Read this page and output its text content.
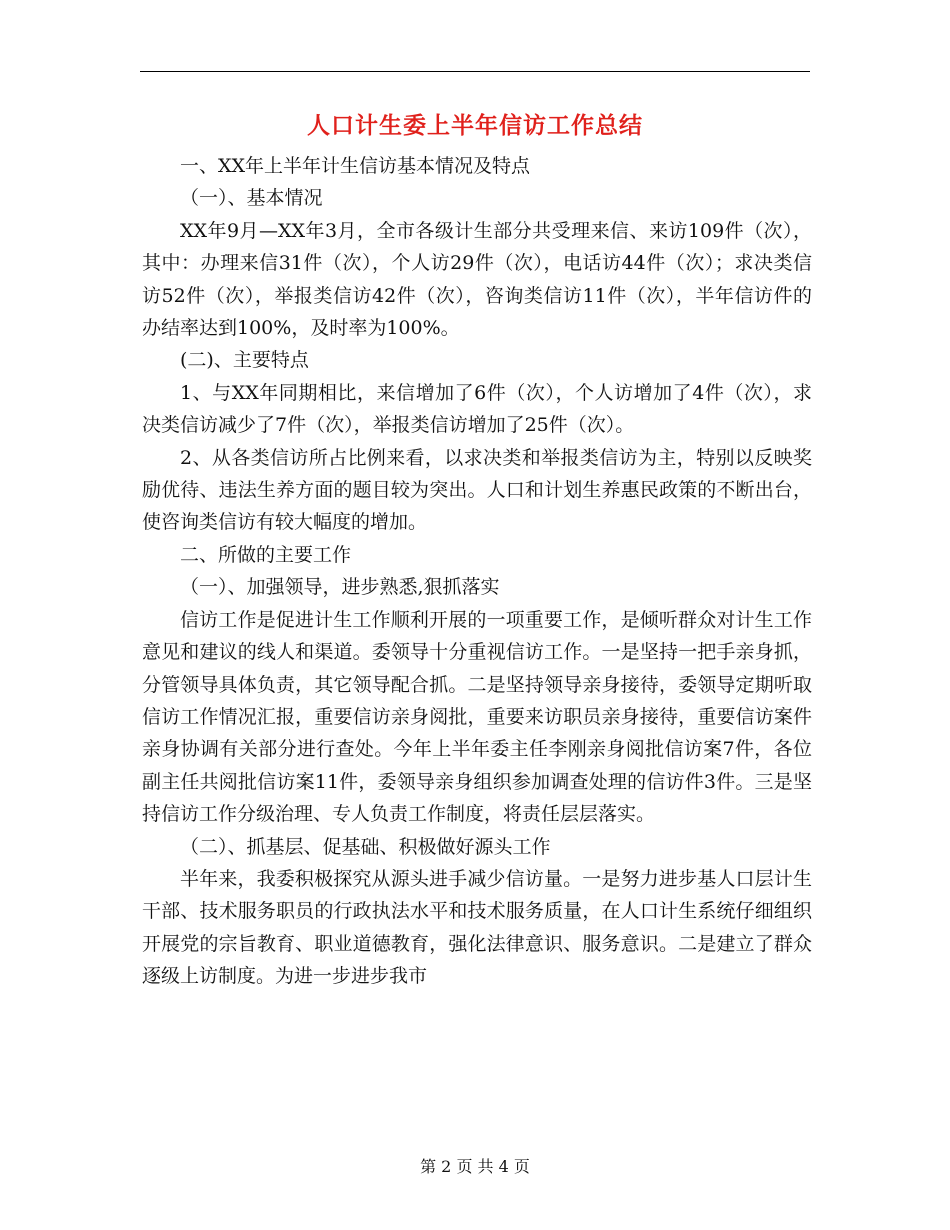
人口计生委上半年信访工作总结

一、XX年上半年计生信访基本情况及特点

（一）、基本情况

XX年9月—XX年3月，全市各级计生部分共受理来信、来访109件（次），其中：办理来信31件（次），个人访29件（次），电话访44件（次）；求决类信访52件（次），举报类信访42件（次），咨询类信访11件（次），半年信访件的办结率达到100%，及时率为100%。

(二)、主要特点

1、与XX年同期相比，来信增加了6件（次），个人访增加了4件（次），求决类信访减少了7件（次），举报类信访增加了25件（次）。

2、从各类信访所占比例来看，以求决类和举报类信访为主，特别以反映奖励优待、违法生养方面的题目较为突出。人口和计划生养惠民政策的不断出台，使咨询类信访有较大幅度的增加。

二、所做的主要工作

（一）、加强领导，进步熟悉,狠抓落实

信访工作是促进计生工作顺利开展的一项重要工作，是倾听群众对计生工作意见和建议的线人和渠道。委领导十分重视信访工作。一是坚持一把手亲身抓，分管领导具体负责，其它领导配合抓。二是坚持领导亲身接待，委领导定期听取信访工作情况汇报，重要信访亲身阅批，重要来访职员亲身接待，重要信访案件亲身协调有关部分进行查处。今年上半年委主任李刚亲身阅批信访案7件，各位副主任共阅批信访案11件，委领导亲身组织参加调查处理的信访件3件。三是坚持信访工作分级治理、专人负责工作制度，将责任层层落实。

（二）、抓基层、促基础、积极做好源头工作

半年来，我委积极探究从源头进手减少信访量。一是努力进步基人口层计生干部、技术服务职员的行政执法水平和技术服务质量，在人口计生系统仔细组织开展党的宗旨教育、职业道德教育，强化法律意识、服务意识。二是建立了群众逐级上访制度。为进一步进步我市

第 2 页 共 4 页
